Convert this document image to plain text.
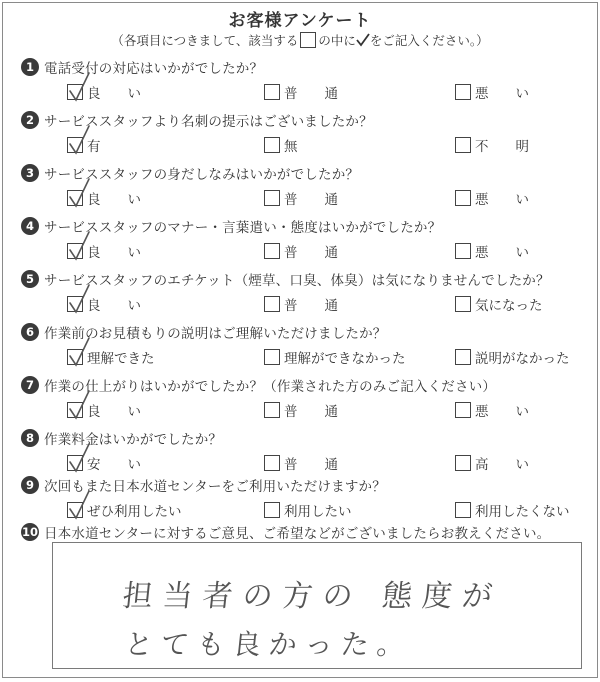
お客様アンケート
（各項目につきまして、該当する の中に をご記入ください。）
1 電話受付の対応はいかがでしたか？
良　　い	普　　通	悪　　い
2 サービススタッフより名刺の提示はございましたか？
有	無	不　　明
3 サービススタッフの身だしなみはいかがでしたか？
良　　い	普　　通	悪　　い
4 サービススタッフのマナー・言葉遣い・態度はいかがでしたか？
良　　い	普　　通	悪　　い
5 サービススタッフのエチケット（煙草、口臭、体臭）は気になりませんでしたか？
良　　い	普　　通	気になった
6 作業前のお見積もりの説明はご理解いただけましたか？
理解できた	理解ができなかった	説明がなかった
7 作業の仕上がりはいかがでしたか？（作業された方のみご記入ください）
良　　い	普　　通	悪　　い
8 作業料金はいかがでしたか？
安　　い	普　　通	高　　い
9 次回もまた日本水道センターをご利用いただけますか？
ぜひ利用したい	利用したい	利用したくない
10 日本水道センターに対するご意見、ご希望などがございましたらお教えください。
担当者の方の 態度が
とても良かった。
